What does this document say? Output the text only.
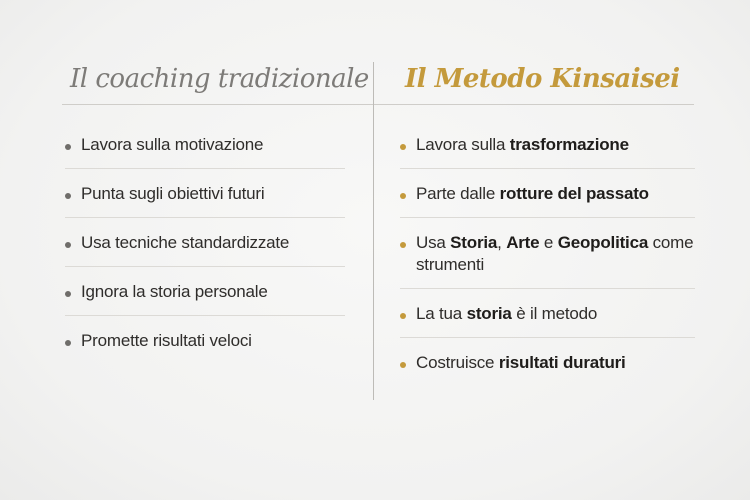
Il coaching tradizionale
Lavora sulla motivazione
Punta sugli obiettivi futuri
Usa tecniche standardizzate
Ignora la storia personale
Promette risultati veloci
Il Metodo Kinsaisei
Lavora sulla trasformazione
Parte dalle rotture del passato
Usa Storia, Arte e Geopolitica come strumenti
La tua storia è il metodo
Costruisce risultati duraturi
